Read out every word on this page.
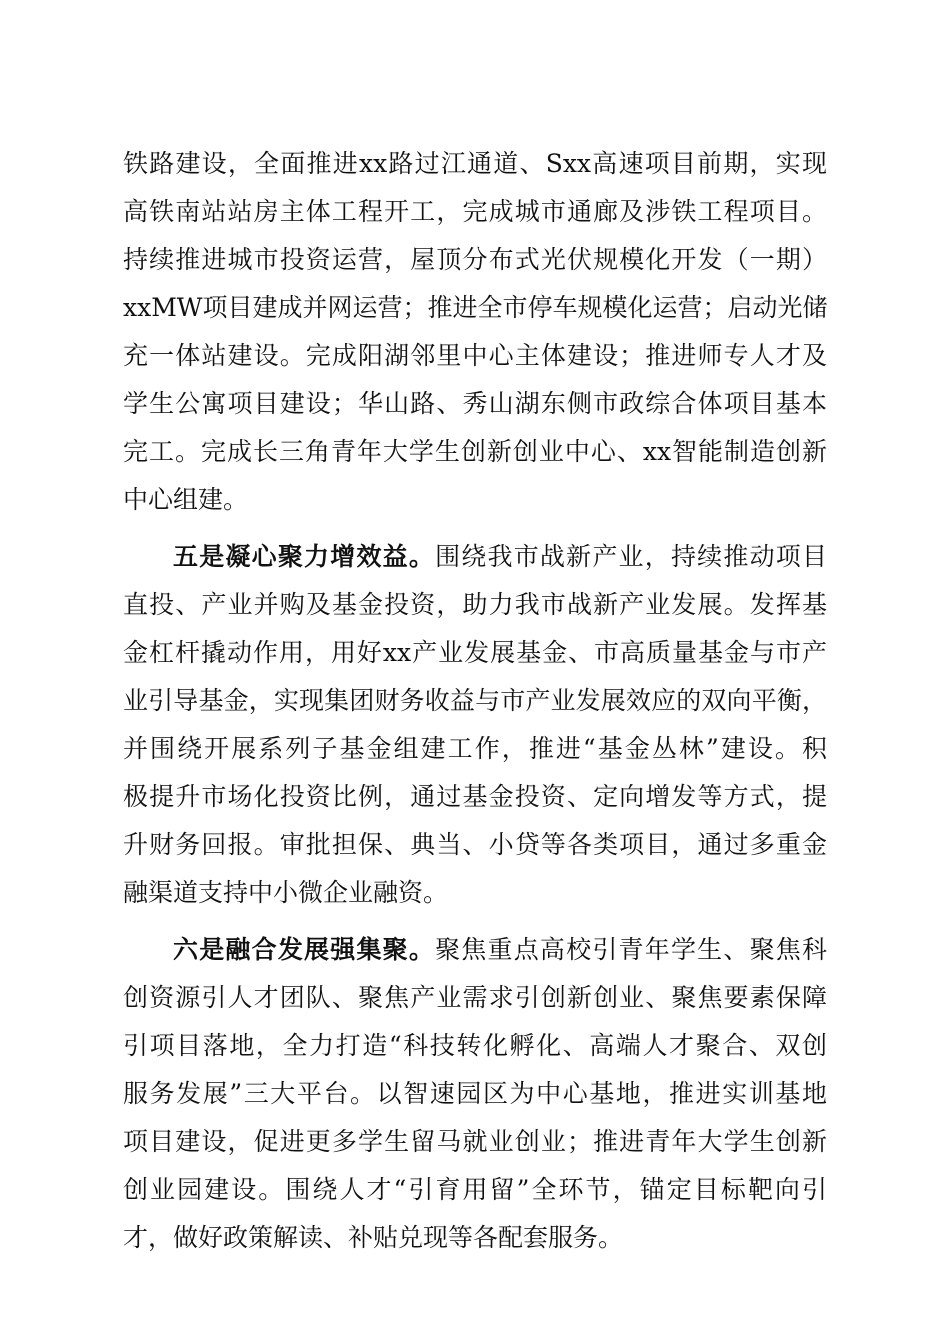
铁路建设，全面推进xx路过江通道、Sxx高速项目前期，实现
高铁南站站房主体工程开工，完成城市通廊及涉铁工程项目。
持续推进城市投资运营，屋顶分布式光伏规模化开发（一期）
xxMW项目建成并网运营；推进全市停车规模化运营；启动光储
充一体站建设。完成阳湖邻里中心主体建设；推进师专人才及
学生公寓项目建设；华山路、秀山湖东侧市政综合体项目基本
完工。完成长三角青年大学生创新创业中心、xx智能制造创新
中心组建。
五是凝心聚力增效益。围绕我市战新产业，持续推动项目
直投、产业并购及基金投资，助力我市战新产业发展。发挥基
金杠杆撬动作用，用好xx产业发展基金、市高质量基金与市产
业引导基金，实现集团财务收益与市产业发展效应的双向平衡，
并围绕开展系列子基金组建工作，推进“基金丛林”建设。积
极提升市场化投资比例，通过基金投资、定向增发等方式，提
升财务回报。审批担保、典当、小贷等各类项目，通过多重金
融渠道支持中小微企业融资。
六是融合发展强集聚。聚焦重点高校引青年学生、聚焦科
创资源引人才团队、聚焦产业需求引创新创业、聚焦要素保障
引项目落地，全力打造“科技转化孵化、高端人才聚合、双创
服务发展”三大平台。以智速园区为中心基地，推进实训基地
项目建设，促进更多学生留马就业创业；推进青年大学生创新
创业园建设。围绕人才“引育用留”全环节，锚定目标靶向引
才，做好政策解读、补贴兑现等各配套服务。
